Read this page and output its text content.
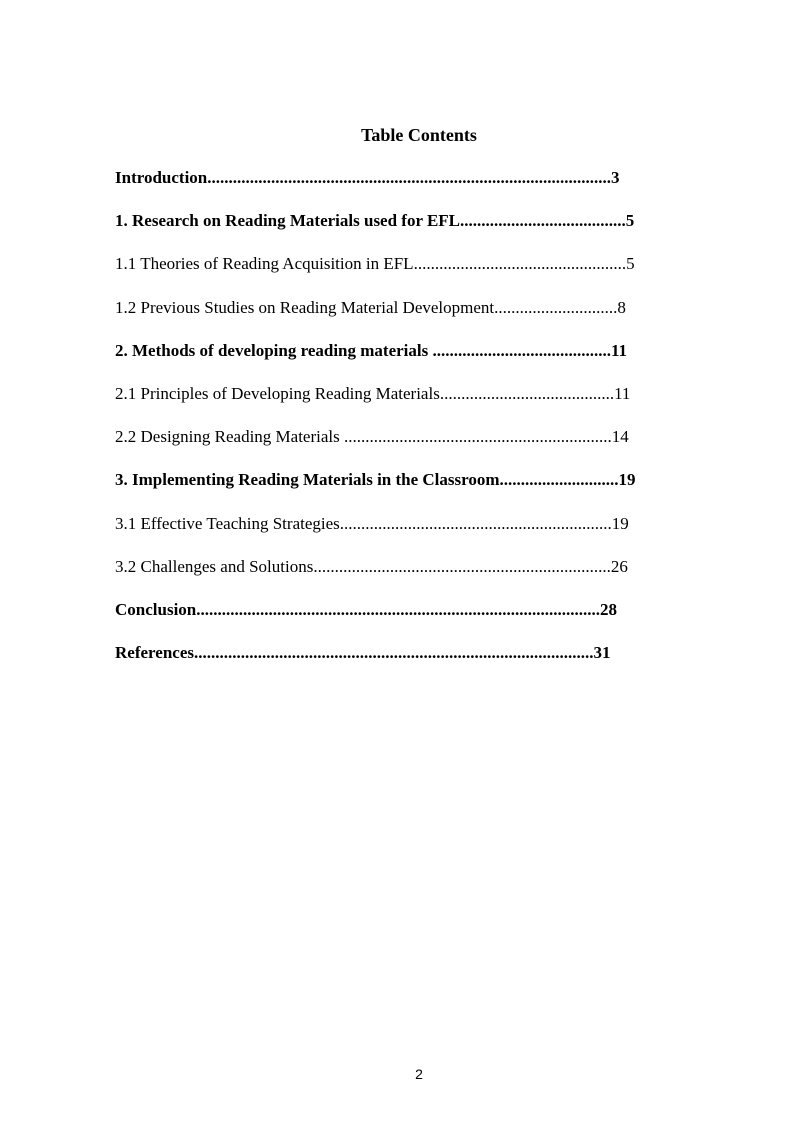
Table Contents
Introduction...............................................................................................3
1. Research on Reading Materials used for EFL.......................................5
1.1 Theories of Reading Acquisition in EFL..................................................5
1.2 Previous Studies on Reading Material Development.............................8
2. Methods of developing reading materials ..........................................11
2.1 Principles of Developing Reading Materials.........................................11
2.2 Designing Reading Materials ...............................................................14
3. Implementing Reading Materials in the Classroom............................19
3.1 Effective Teaching Strategies................................................................19
3.2 Challenges and Solutions......................................................................26
Conclusion...............................................................................................28
References..............................................................................................31
2
